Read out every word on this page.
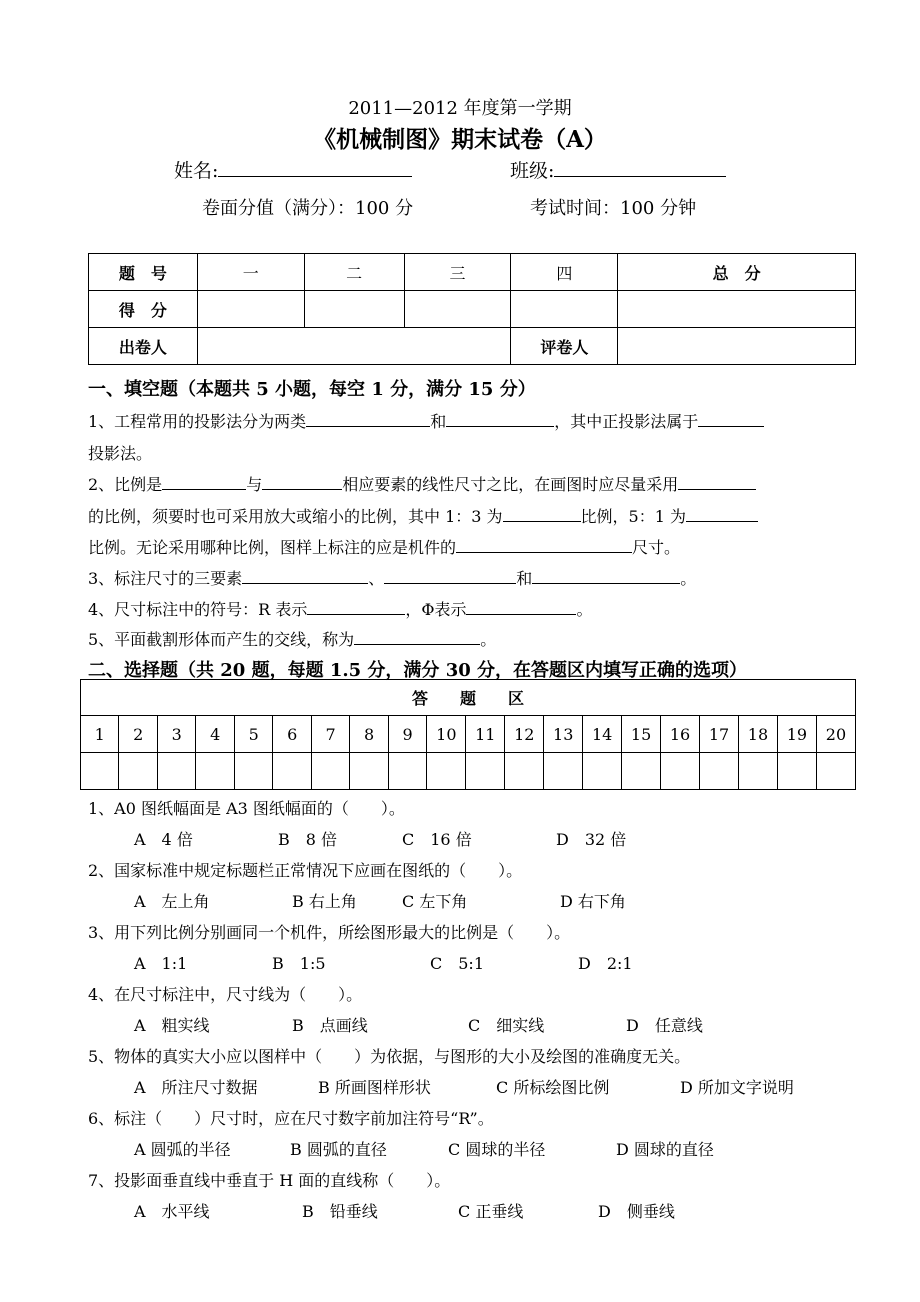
2011—2012 年度第一学期
《机械制图》期末试卷（A）
姓名:	班级:
卷面分值（满分）：100 分	考试时间：100 分钟
题　号	一	二	三	四	总　分
得　分					
出卷人				评卷人	
一、填空题（本题共 5 小题，每空 1 分，满分 15 分）
1、工程常用的投影法分为两类	和	，其中正投影法属于
投影法。
2、比例是	与	相应要素的线性尺寸之比，在画图时应尽量采用
的比例，须要时也可采用放大或缩小的比例，其中 1：3 为	比例，5：1 为
比例。无论采用哪种比例，图样上标注的应是机件的	尺寸。
3、标注尺寸的三要素	、	和	。
4、尺寸标注中的符号：R 表示	，Φ表示	。
5、平面截割形体而产生的交线，称为	。
二、选择题（共 20 题，每题 1.5 分，满分 30 分，在答题区内填写正确的选项）
答　　题　　区																			
1	2	3	4	5	6	7	8	9	10	11	12	13	14	15	16	17	18	19	20

1、A0 图纸幅面是 A3 图纸幅面的（　　）。
A　4 倍	B　8 倍	C　16 倍	D　32 倍
2、国家标准中规定标题栏正常情况下应画在图纸的（　　）。
A　左上角	B 右上角	C 左下角	D 右下角
3、用下列比例分别画同一个机件，所绘图形最大的比例是（　　）。
A　1:1	B　1:5	C　5:1	D　2:1
4、在尺寸标注中，尺寸线为（　　）。
A　粗实线	B　点画线	C　细实线	D　任意线
5、物体的真实大小应以图样中（　　）为依据，与图形的大小及绘图的准确度无关。
A　所注尺寸数据	B 所画图样形状	C 所标绘图比例	D 所加文字说明
6、标注（　　）尺寸时，应在尺寸数字前加注符号“R”。
A 圆弧的半径	B 圆弧的直径	C 圆球的半径	D 圆球的直径
7、投影面垂直线中垂直于 H 面的直线称（　　）。
A　水平线	B　铅垂线	C 正垂线	D　侧垂线
